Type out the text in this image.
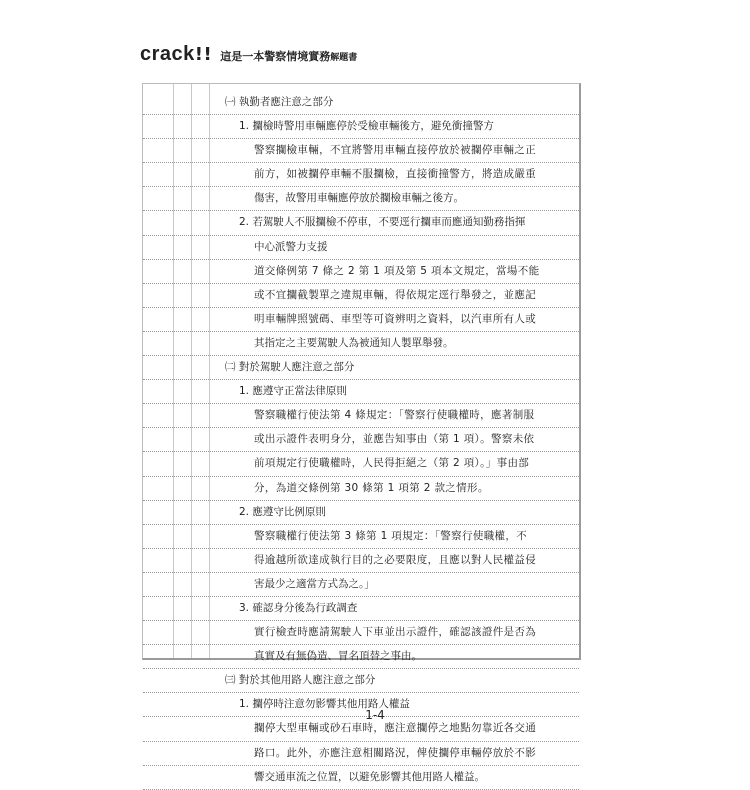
crack!! 這是一本警察情境實務解題書
㈠ 執勤者應注意之部分
1. 攔檢時警用車輛應停於受檢車輛後方，避免衝撞警方
警察攔檢車輛，不宜將警用車輛直接停放於被攔停車輛之正
前方，如被攔停車輛不服攔檢，直接衝撞警方，將造成嚴重
傷害，故警用車輛應停放於攔檢車輛之後方。
2. 若駕駛人不服攔檢不停車，不要逕行攔車而應通知勤務指揮
中心派警力支援
道交條例第 7 條之 2 第 1 項及第 5 項本文規定，當場不能
或不宜攔截製單之違規車輛，得依規定逕行舉發之，並應記
明車輛牌照號碼、車型等可資辨明之資料，以汽車所有人或
其指定之主要駕駛人為被通知人製單舉發。
㈡ 對於駕駛人應注意之部分
1. 應遵守正當法律原則
警察職權行使法第 4 條規定：「警察行使職權時，應著制服
或出示證件表明身分，並應告知事由（第 1 項）。警察未依
前項規定行使職權時，人民得拒絕之（第 2 項）。」事由部
分，為道交條例第 30 條第 1 項第 2 款之情形。
2. 應遵守比例原則
警察職權行使法第 3 條第 1 項規定：「警察行使職權，不
得逾越所欲達成執行目的之必要限度，且應以對人民權益侵
害最少之適當方式為之。」
3. 確認身分後為行政調查
實行檢查時應請駕駛人下車並出示證件，確認該證件是否為
真實及有無偽造、冒名頂替之事由。
㈢ 對於其他用路人應注意之部分
1. 攔停時注意勿影響其他用路人權益
攔停大型車輛或砂石車時，應注意攔停之地點勿靠近各交通
路口。此外，亦應注意相關路況，俾使攔停車輛停放於不影
響交通車流之位置，以避免影響其他用路人權益。
1-4
